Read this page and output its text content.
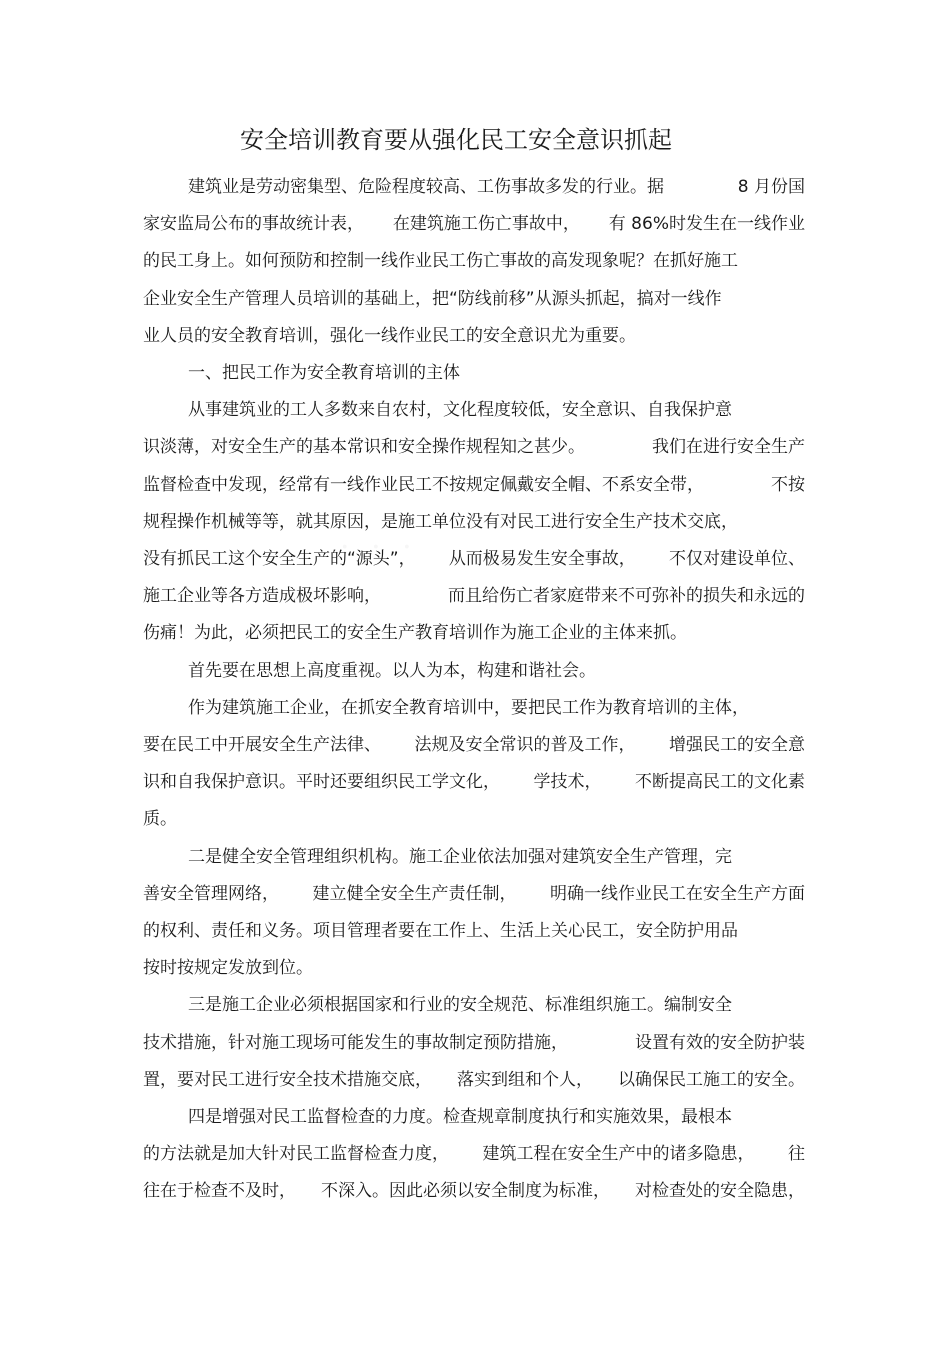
安全培训教育要从强化民工安全意识抓起
建筑业是劳动密集型、危险程度较高、工伤事故多发的行业。据	8 月份国
家安监局公布的事故统计表， 在建筑施工伤亡事故中， 有 86%时发生在一线作业
的民工身上。如何预防和控制一线作业民工伤亡事故的高发现象呢？在抓好施工
企业安全生产管理人员培训的基础上，把“防线前移”从源头抓起，搞对一线作
业人员的安全教育培训，强化一线作业民工的安全意识尤为重要。
一、把民工作为安全教育培训的主体
从事建筑业的工人多数来自农村，文化程度较低，安全意识、自我保护意
识淡薄，对安全生产的基本常识和安全操作规程知之甚少。	我们在进行安全生产
监督检查中发现，经常有一线作业民工不按规定佩戴安全帽、不系安全带，	不按
规程操作机械等等，就其原因，是施工单位没有对民工进行安全生产技术交底，
没有抓民工这个安全生产的“源头”， 从而极易发生安全事故， 不仅对建设单位、
施工企业等各方造成极坏影响，	而且给伤亡者家庭带来不可弥补的损失和永远的
伤痛！为此，必须把民工的安全生产教育培训作为施工企业的主体来抓。
首先要在思想上高度重视。以人为本，构建和谐社会。
作为建筑施工企业，在抓安全教育培训中，要把民工作为教育培训的主体，
要在民工中开展安全生产法律、 法规及安全常识的普及工作， 增强民工的安全意
识和自我保护意识。平时还要组织民工学文化， 学技术， 不断提高民工的文化素
质。
二是健全安全管理组织机构。施工企业依法加强对建筑安全生产管理，完
善安全管理网络， 建立健全安全生产责任制， 明确一线作业民工在安全生产方面
的权利、责任和义务。项目管理者要在工作上、生活上关心民工，安全防护用品
按时按规定发放到位。
三是施工企业必须根据国家和行业的安全规范、标准组织施工。编制安全
技术措施，针对施工现场可能发生的事故制定预防措施，	设置有效的安全防护装
置，要对民工进行安全技术措施交底， 落实到组和个人， 以确保民工施工的安全。
四是增强对民工监督检查的力度。检查规章制度执行和实施效果，最根本
的方法就是加大针对民工监督检查力度， 建筑工程在安全生产中的诸多隐患， 往
往在于检查不及时， 不深入。因此必须以安全制度为标准， 对检查处的安全隐患，
